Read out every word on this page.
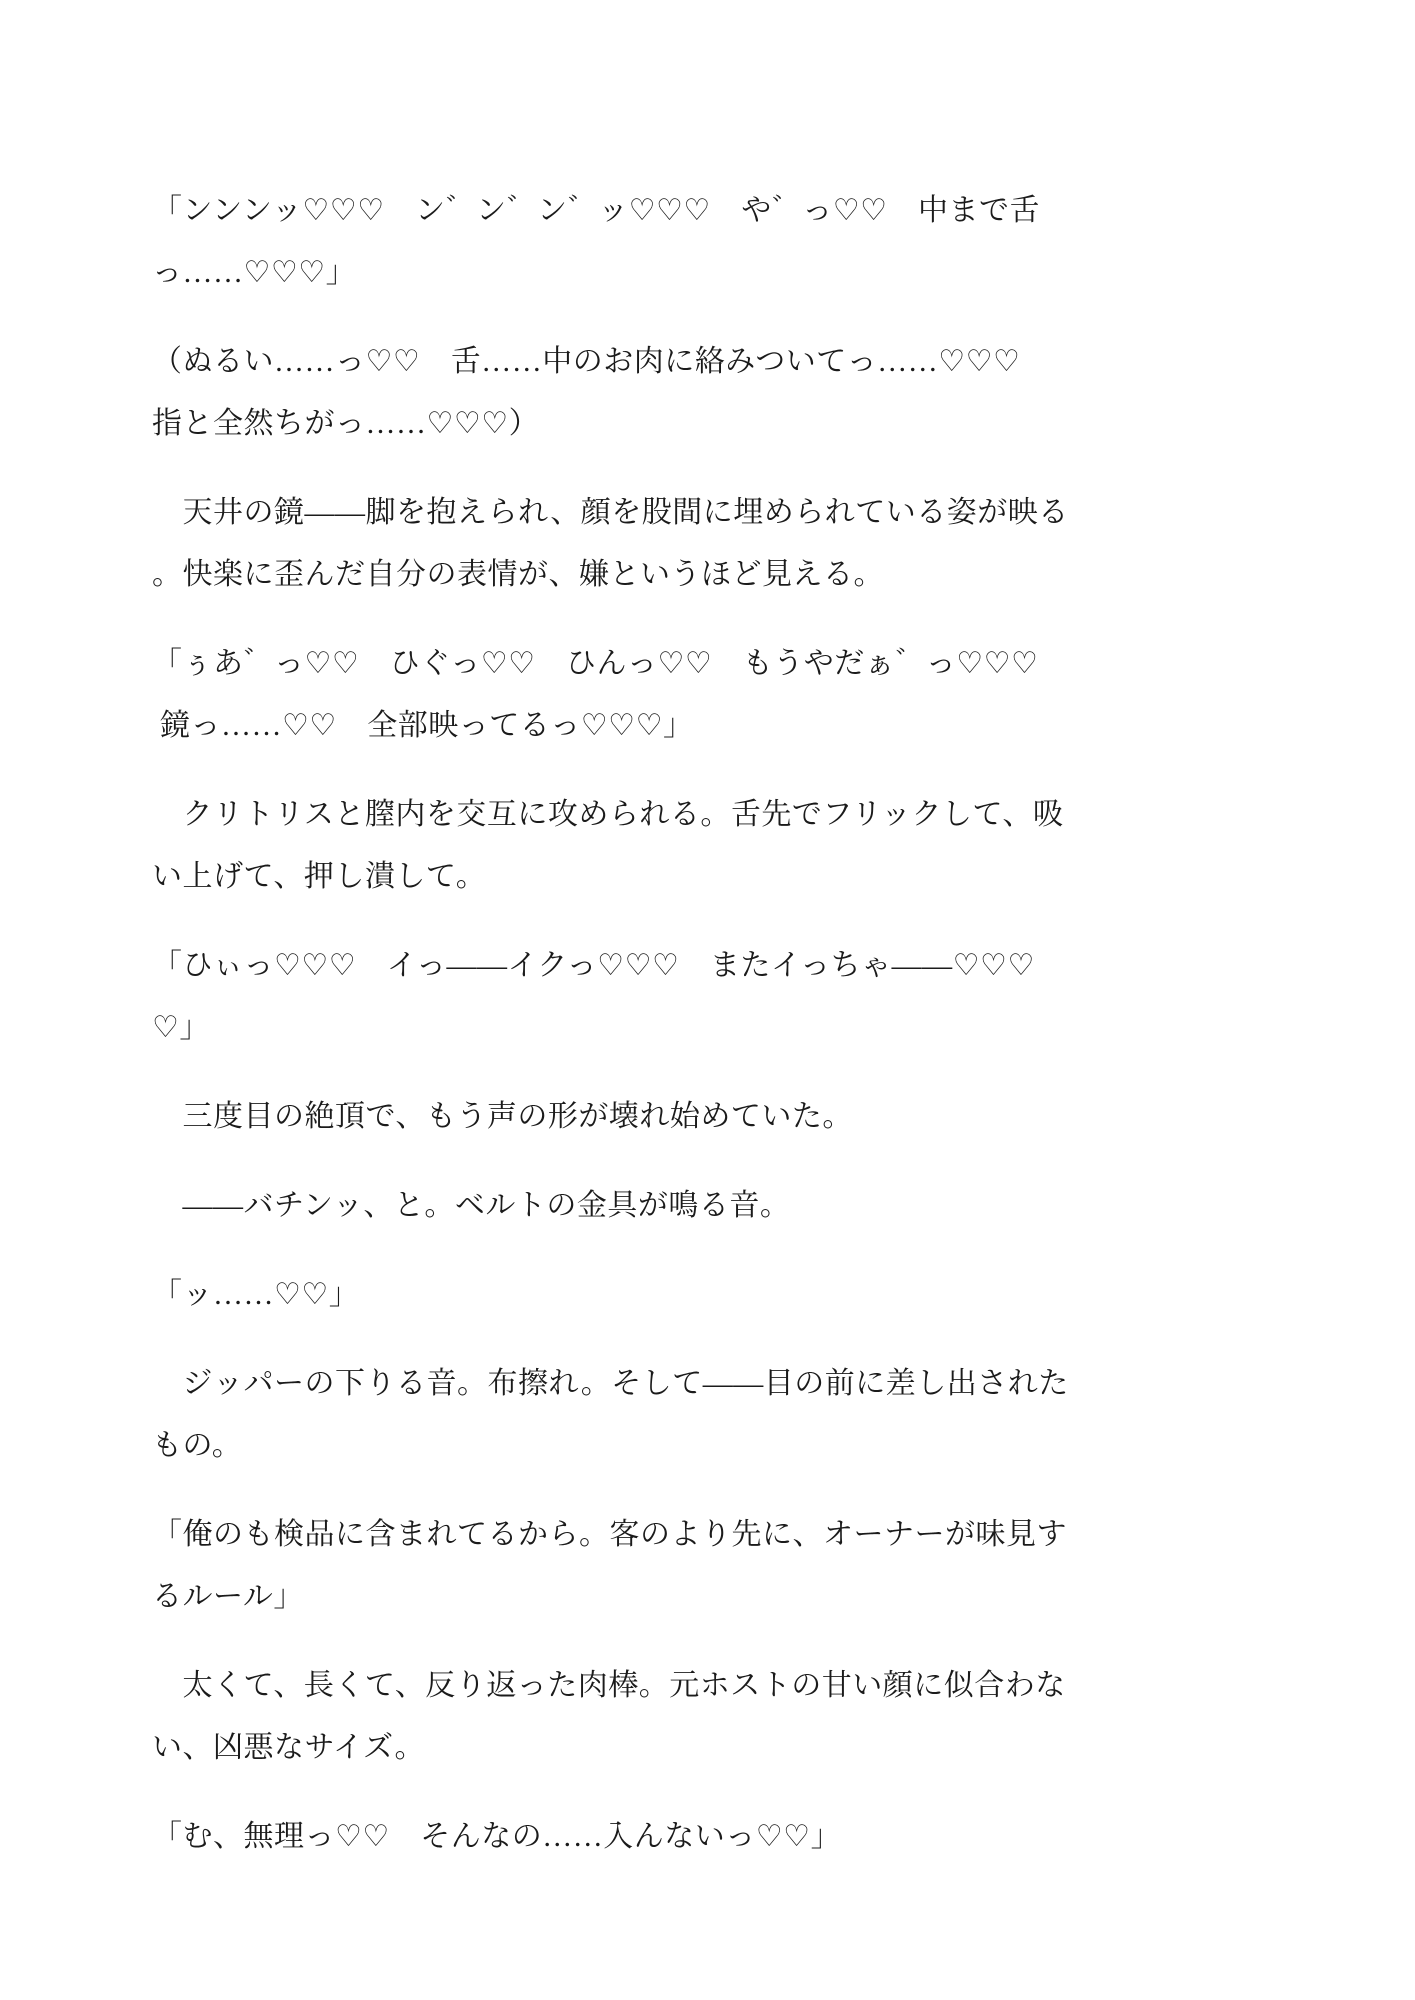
「ンンンッ♡♡♡　ン゛ン゛ン゛ッ♡♡♡　や゛っ♡♡　中まで舌
っ……♡♡♡」
（ぬるい……っ♡♡　舌……中のお肉に絡みついてっ……♡♡♡
指と全然ちがっ……♡♡♡）
　天井の鏡——脚を抱えられ、顔を股間に埋められている姿が映る
。快楽に歪んだ自分の表情が、嫌というほど見える。
「ぅあ゛っ♡♡　ひぐっ♡♡　ひんっ♡♡　もうやだぁ゛っ♡♡♡
鏡っ……♡♡　全部映ってるっ♡♡♡」
　クリトリスと膣内を交互に攻められる。舌先でフリックして、吸
い上げて、押し潰して。
「ひぃっ♡♡♡　イっ——イクっ♡♡♡　またイっちゃ——♡♡♡
♡」
　三度目の絶頂で、もう声の形が壊れ始めていた。
　——バチンッ、と。ベルトの金具が鳴る音。
「ッ……♡♡」
　ジッパーの下りる音。布擦れ。そして——目の前に差し出された
もの。
「俺のも検品に含まれてるから。客のより先に、オーナーが味見す
るルール」
　太くて、長くて、反り返った肉棒。元ホストの甘い顔に似合わな
い、凶悪なサイズ。
「む、無理っ♡♡　そんなの……入んないっ♡♡」
